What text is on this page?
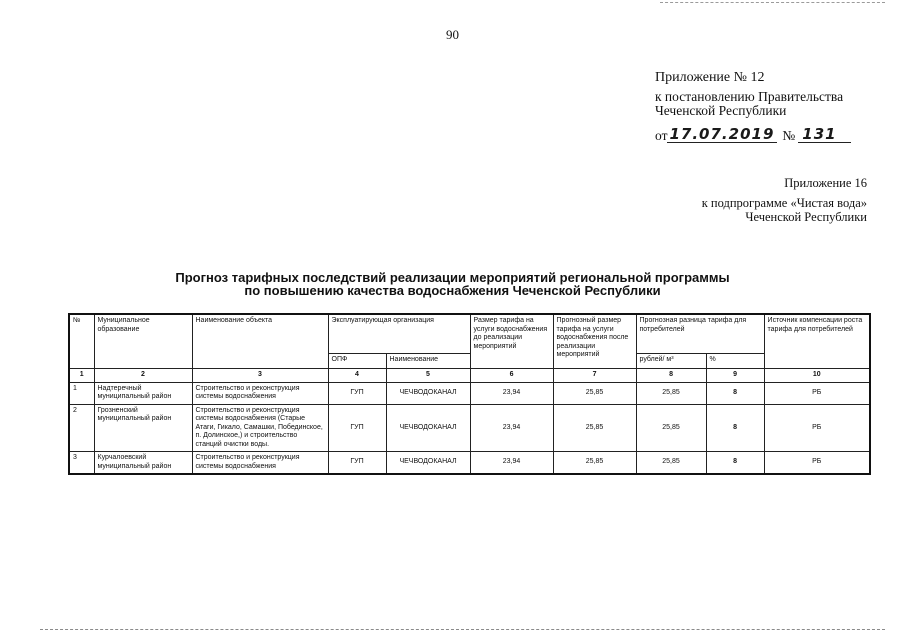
90
Приложение № 12
к постановлению Правительства
Чеченской Республики
от 17.07.2019 № 131
Приложение 16
к подпрограмме «Чистая вода»
Чеченской Республики
Прогноз тарифных последствий реализации мероприятий региональной программы
по повышению качества водоснабжения Чеченской Республики
№	Муниципальное образование	Наименование объекта	Эксплуатирующая организация		Размер тарифа на услуги водоснабжения до реализации мероприятий	Прогнозный размер тарифа на услуги водоснабжения после реализации мероприятий	Прогнозная разница тарифа для потребителей		Источник компенсации роста тарифа для потребителей
			ОПФ	Наименование			рублей/ м³	%	
1	2	3	4	5	6	7	8	9	10
1	Надтеречный муниципальный район	Строительство и реконструкция системы водоснабжения	ГУП	ЧЕЧВОДОКАНАЛ	23,94	25,85	25,85	8	РБ
2	Грозненский муниципальный район	Строительство и реконструкция системы водоснабжения (Старые Атаги, Гикало, Самашки, Побединское, п. Долинское,) и строительство станций очистки воды.	ГУП	ЧЕЧВОДОКАНАЛ	23,94	25,85	25,85	8	РБ
3	Курчалоевский муниципальный район	Строительство и реконструкция системы водоснабжения	ГУП	ЧЕЧВОДОКАНАЛ	23,94	25,85	25,85	8	РБ
